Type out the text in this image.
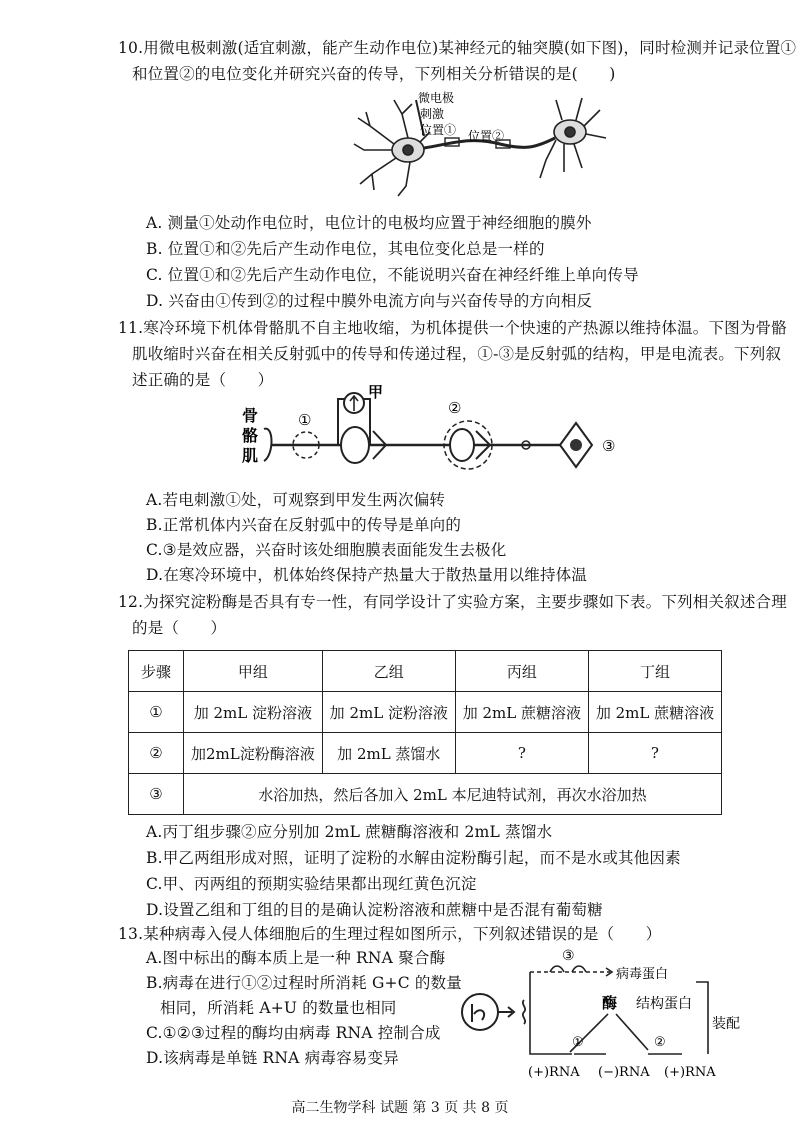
10.用微电极刺激(适宜刺激，能产生动作电位)某神经元的轴突膜(如下图)，同时检测并记录位置①
和位置②的电位变化并研究兴奋的传导，下列相关分析错误的是(　　)
微电极
刺激
位置① 位置②
A. 测量①处动作电位时，电位计的电极均应置于神经细胞的膜外
B. 位置①和②先后产生动作电位，其电位变化总是一样的
C. 位置①和②先后产生动作电位，不能说明兴奋在神经纤维上单向传导
D. 兴奋由①传到②的过程中膜外电流方向与兴奋传导的方向相反
11.寒冷环境下机体骨骼肌不自主地收缩，为机体提供一个快速的产热源以维持体温。下图为骨骼
肌收缩时兴奋在相关反射弧中的传导和传递过程，①-③是反射弧的结构，甲是电流表。下列叙
述正确的是（　　）
骨
骼
肌
①
甲
②
③
A.若电刺激①处，可观察到甲发生两次偏转
B.正常机体内兴奋在反射弧中的传导是单向的
C.③是效应器，兴奋时该处细胞膜表面能发生去极化
D.在寒冷环境中，机体始终保持产热量大于散热量用以维持体温
12.为探究淀粉酶是否具有专一性，有同学设计了实验方案，主要步骤如下表。下列相关叙述合理
的是（　　）
步骤	甲组	乙组	丙组	丁组
①	加 2mL 淀粉溶液	加 2mL 淀粉溶液	加 2mL 蔗糖溶液	加 2mL 蔗糖溶液
②	加2mL淀粉酶溶液	加 2mL 蒸馏水	?	?
③	水浴加热，然后各加入 2mL 本尼迪特试剂，再次水浴加热			
A.丙丁组步骤②应分别加 2mL 蔗糖酶溶液和 2mL 蒸馏水
B.甲乙两组形成对照，证明了淀粉的水解由淀粉酶引起，而不是水或其他因素
C.甲、丙两组的预期实验结果都出现红黄色沉淀
D.设置乙组和丁组的目的是确认淀粉溶液和蔗糖中是否混有葡萄糖
13.某种病毒入侵人体细胞后的生理过程如图所示，下列叙述错误的是（　　）
A.图中标出的酶本质上是一种 RNA 聚合酶
B.病毒在进行①②过程时所消耗 G+C 的数量
相同，所消耗 A+U 的数量也相同
C.①②③过程的酶均由病毒 RNA 控制合成
D.该病毒是单链 RNA 病毒容易变异
③
病毒蛋白
酶 结构蛋白
装配
①	②
(+)RNA (−)RNA (+)RNA
高二生物学科 试题 第 3 页 共 8 页
